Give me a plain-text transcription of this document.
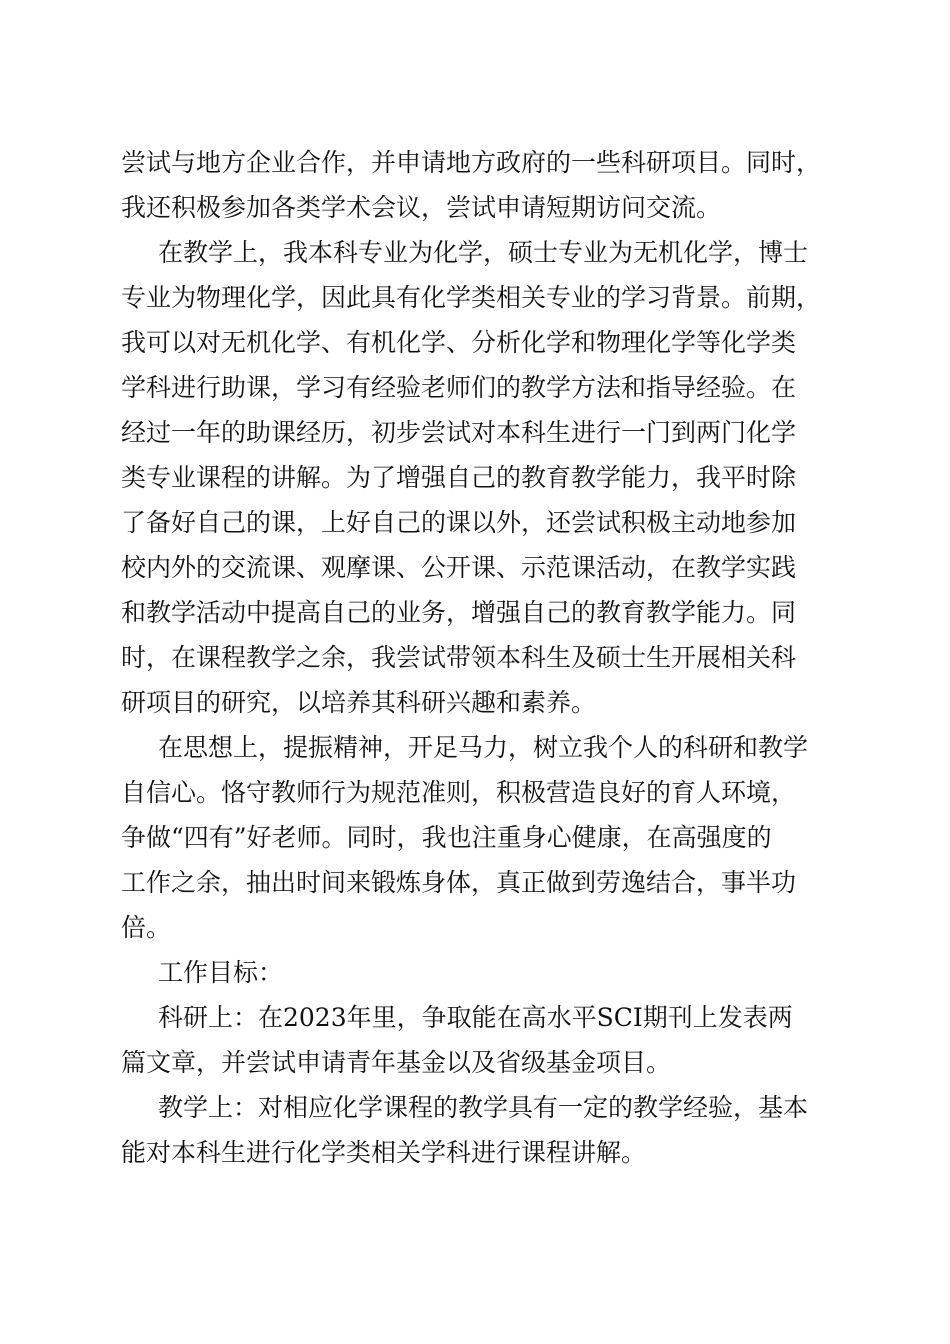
尝试与地方企业合作，并申请地方政府的一些科研项目。同时，
我还积极参加各类学术会议，尝试申请短期访问交流。
在教学上，我本科专业为化学，硕士专业为无机化学，博士
专业为物理化学，因此具有化学类相关专业的学习背景。前期，
我可以对无机化学、有机化学、分析化学和物理化学等化学类
学科进行助课，学习有经验老师们的教学方法和指导经验。在
经过一年的助课经历，初步尝试对本科生进行一门到两门化学
类专业课程的讲解。为了增强自己的教育教学能力，我平时除
了备好自己的课，上好自己的课以外，还尝试积极主动地参加
校内外的交流课、观摩课、公开课、示范课活动，在教学实践
和教学活动中提高自己的业务，增强自己的教育教学能力。同
时，在课程教学之余，我尝试带领本科生及硕士生开展相关科
研项目的研究，以培养其科研兴趣和素养。
在思想上，提振精神，开足马力，树立我个人的科研和教学
自信心。恪守教师行为规范准则，积极营造良好的育人环境，
争做“四有”好老师。同时，我也注重身心健康，在高强度的
工作之余，抽出时间来锻炼身体，真正做到劳逸结合，事半功
倍。
工作目标：
科研上：在2023年里，争取能在高水平SCI期刊上发表两
篇文章，并尝试申请青年基金以及省级基金项目。
教学上：对相应化学课程的教学具有一定的教学经验，基本
能对本科生进行化学类相关学科进行课程讲解。
